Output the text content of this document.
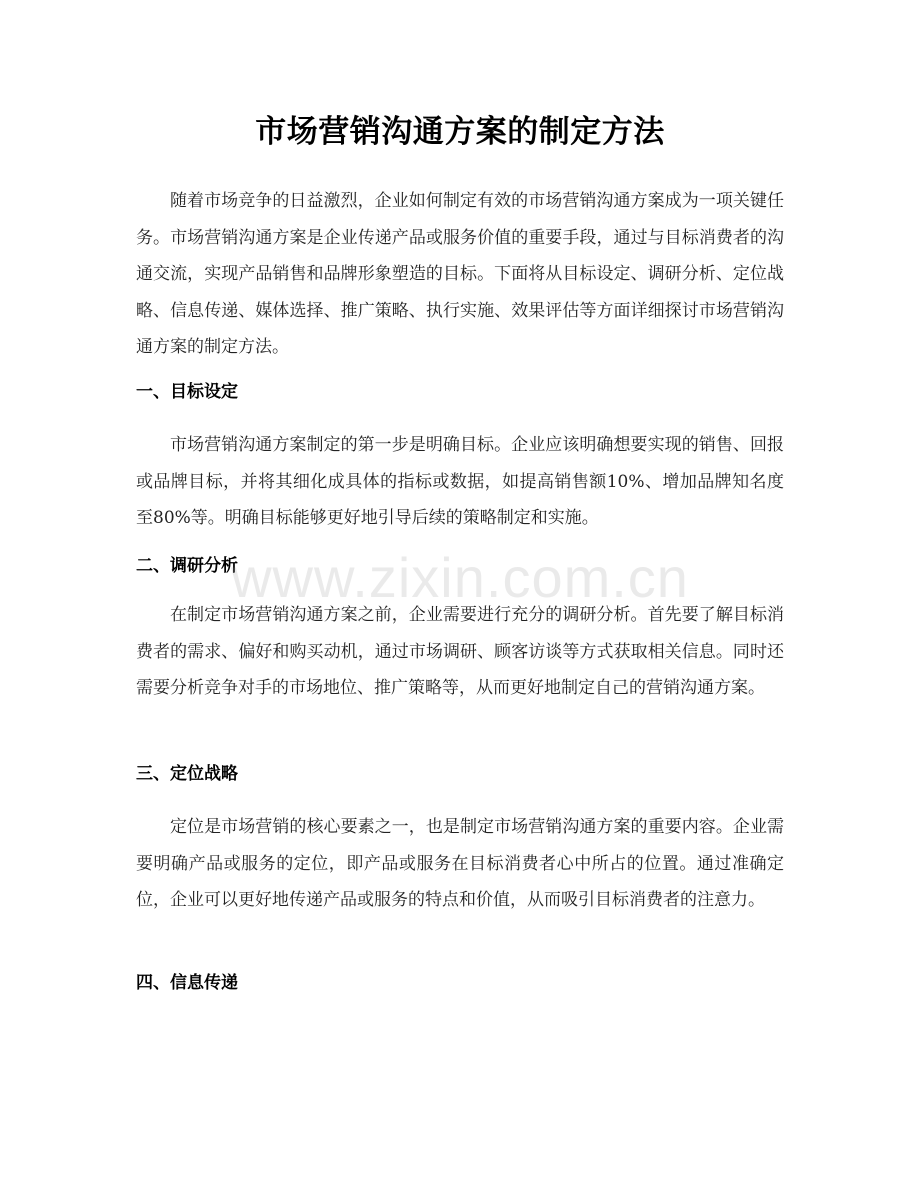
市场营销沟通方案的制定方法

随着市场竞争的日益激烈，企业如何制定有效的市场营销沟通方案成为一项关键任务。市场营销沟通方案是企业传递产品或服务价值的重要手段，通过与目标消费者的沟通交流，实现产品销售和品牌形象塑造的目标。下面将从目标设定、调研分析、定位战略、信息传递、媒体选择、推广策略、执行实施、效果评估等方面详细探讨市场营销沟通方案的制定方法。

一、目标设定

市场营销沟通方案制定的第一步是明确目标。企业应该明确想要实现的销售、回报或品牌目标，并将其细化成具体的指标或数据，如提高销售额10%、增加品牌知名度至80%等。明确目标能够更好地引导后续的策略制定和实施。

二、调研分析

在制定市场营销沟通方案之前，企业需要进行充分的调研分析。首先要了解目标消费者的需求、偏好和购买动机，通过市场调研、顾客访谈等方式获取相关信息。同时还需要分析竞争对手的市场地位、推广策略等，从而更好地制定自己的营销沟通方案。

三、定位战略

定位是市场营销的核心要素之一，也是制定市场营销沟通方案的重要内容。企业需要明确产品或服务的定位，即产品或服务在目标消费者心中所占的位置。通过准确定位，企业可以更好地传递产品或服务的特点和价值，从而吸引目标消费者的注意力。

四、信息传递
www.zixin.com.cn
